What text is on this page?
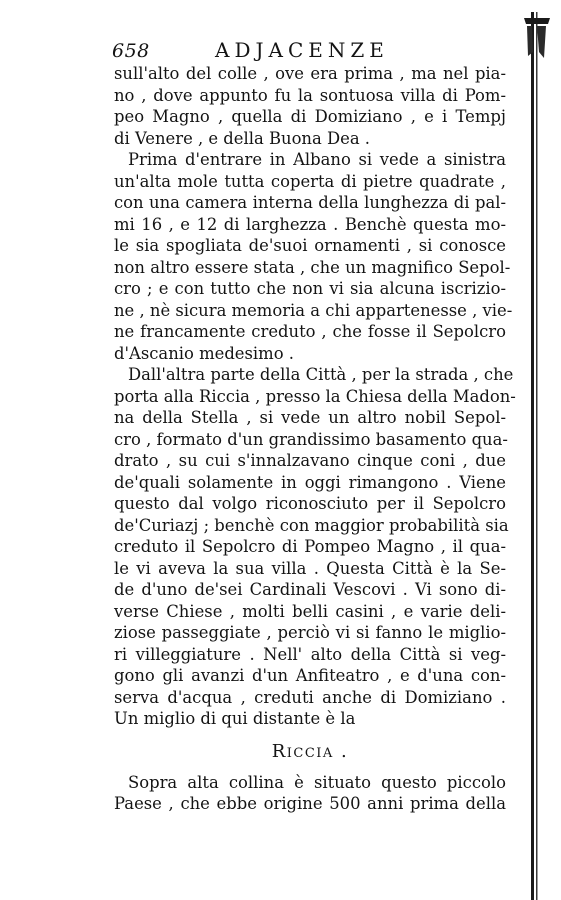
658	ADJACENZE
sull'alto del colle , ove era prima , ma nel pia-
no , dove appunto fu la sontuosa villa di Pom-
peo Magno , quella di Domiziano , e i Tempj
di Venere , e della Buona Dea .
Prima d'entrare in Albano si vede a sinistra
un'alta mole tutta coperta di pietre quadrate ,
con una camera interna della lunghezza di pal-
mi 16 , e 12 di larghezza . Benchè questa mo-
le sia spogliata de'suoi ornamenti , si conosce
non altro essere stata , che un magnifico Sepol-
cro ; e con tutto che non vi sia alcuna iscrizio-
ne , nè sicura memoria a chi appartenesse , vie-
ne francamente creduto , che fosse il Sepolcro
d'Ascanio medesimo .
Dall'altra parte della Città , per la strada , che
porta alla Riccia , presso la Chiesa della Madon-
na della Stella , si vede un altro nobil Sepol-
cro , formato d'un grandissimo basamento qua-
drato , su cui s'innalzavano cinque coni , due
de'quali solamente in oggi rimangono . Viene
questo dal volgo riconosciuto per il Sepolcro
de'Curiazj ; benchè con maggior probabilità sia
creduto il Sepolcro di Pompeo Magno , il qua-
le vi aveva la sua villa . Questa Città è la Se-
de d'uno de'sei Cardinali Vescovi . Vi sono di-
verse Chiese , molti belli casini , e varie deli-
ziose passeggiate , perciò vi si fanno le miglio-
ri villeggiature . Nell' alto della Città si veg-
gono gli avanzi d'un Anfiteatro , e d'una con-
serva d'acqua , creduti anche di Domiziano .
Un miglio di qui distante è la
Riccia .
Sopra alta collina è situato questo piccolo
Paese , che ebbe origine 500 anni prima della
